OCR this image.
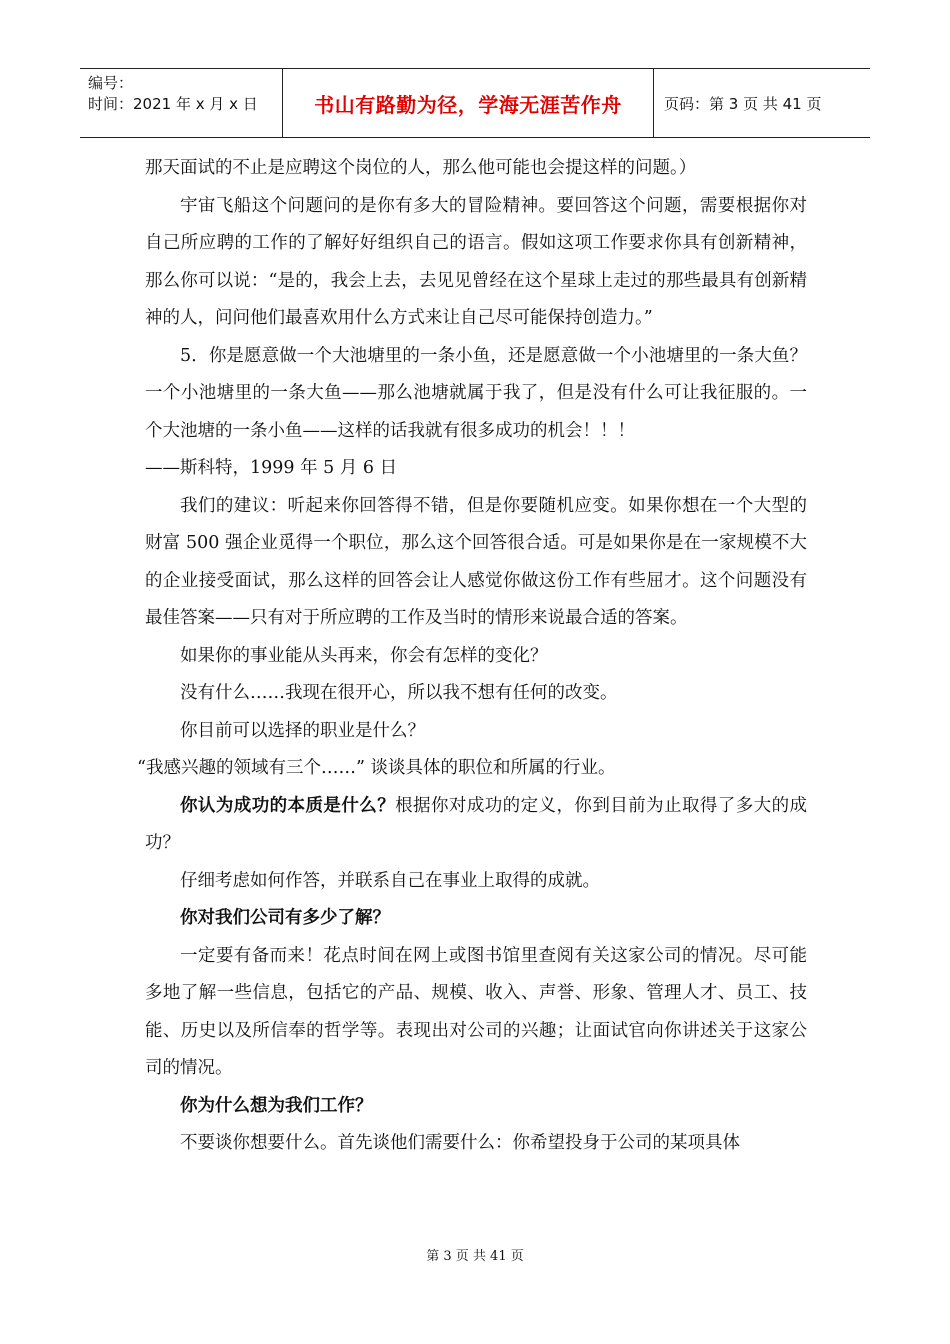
编号：
时间：2021 年 x 月 x 日	书山有路勤为径，学海无涯苦作舟	页码：第 3 页 共 41 页

那天面试的不止是应聘这个岗位的人，那么他可能也会提这样的问题。）

宇宙飞船这个问题问的是你有多大的冒险精神。要回答这个问题，需要根据你对自己所应聘的工作的了解好好组织自己的语言。假如这项工作要求你具有创新精神，那么你可以说：“是的，我会上去，去见见曾经在这个星球上走过的那些最具有创新精神的人，问问他们最喜欢用什么方式来让自己尽可能保持创造力。”

5．你是愿意做一个大池塘里的一条小鱼，还是愿意做一个小池塘里的一条大鱼？一个小池塘里的一条大鱼——那么池塘就属于我了，但是没有什么可让我征服的。一个大池塘的一条小鱼——这样的话我就有很多成功的机会！！！

——斯科特，1999 年 5 月 6 日

我们的建议：听起来你回答得不错，但是你要随机应变。如果你想在一个大型的财富 500 强企业觅得一个职位，那么这个回答很合适。可是如果你是在一家规模不大的企业接受面试，那么这样的回答会让人感觉你做这份工作有些屈才。这个问题没有最佳答案——只有对于所应聘的工作及当时的情形来说最合适的答案。

如果你的事业能从头再来，你会有怎样的变化？

没有什么……我现在很开心，所以我不想有任何的改变。

你目前可以选择的职业是什么？

“我感兴趣的领域有三个……” 谈谈具体的职位和所属的行业。

你认为成功的本质是什么？根据你对成功的定义，你到目前为止取得了多大的成功？

仔细考虑如何作答，并联系自己在事业上取得的成就。

你对我们公司有多少了解？

一定要有备而来！花点时间在网上或图书馆里查阅有关这家公司的情况。尽可能多地了解一些信息，包括它的产品、规模、收入、声誉、形象、管理人才、员工、技能、历史以及所信奉的哲学等。表现出对公司的兴趣；让面试官向你讲述关于这家公司的情况。

你为什么想为我们工作？

不要谈你想要什么。首先谈他们需要什么：你希望投身于公司的某项具体

第 3 页 共 41 页
